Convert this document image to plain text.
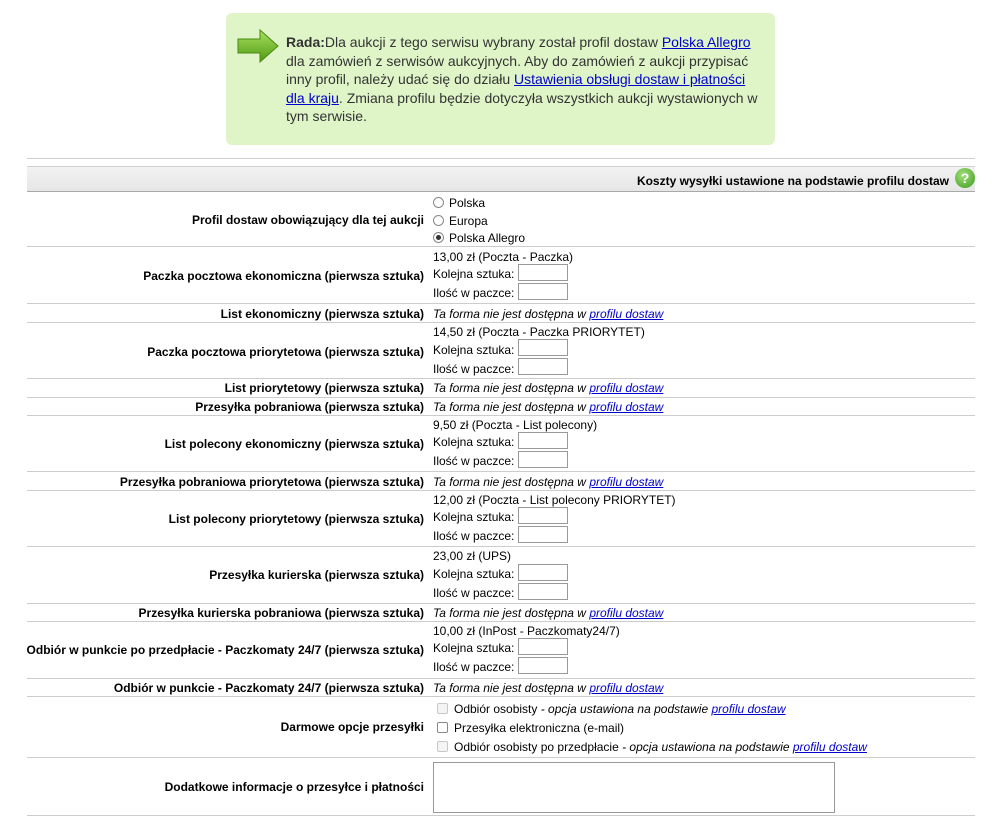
Rada:Dla aukcji z tego serwisu wybrany został profil dostaw Polska Allegro dla zamówień z serwisów aukcyjnych. Aby do zamówień z aukcji przypisać inny profil, należy udać się do działu Ustawienia obsługi dostaw i płatności dla kraju. Zmiana profilu będzie dotyczyła wszystkich aukcji wystawionych w tym serwisie.
Koszty wysyłki ustawione na podstawie profilu dostaw ?
Profil dostaw obowiązujący dla tej aukcji
Polska
Europa
Polska Allegro
Paczka pocztowa ekonomiczna (pierwsza sztuka)
13,00 zł (Poczta - Paczka)
Kolejna sztuka:
Ilość w paczce:
List ekonomiczny (pierwsza sztuka) Ta forma nie jest dostępna w profilu dostaw
Paczka pocztowa priorytetowa (pierwsza sztuka)
14,50 zł (Poczta - Paczka PRIORYTET)
Kolejna sztuka:
Ilość w paczce:
List priorytetowy (pierwsza sztuka) Ta forma nie jest dostępna w profilu dostaw
Przesyłka pobraniowa (pierwsza sztuka) Ta forma nie jest dostępna w profilu dostaw
List polecony ekonomiczny (pierwsza sztuka)
9,50 zł (Poczta - List polecony)
Kolejna sztuka:
Ilość w paczce:
Przesyłka pobraniowa priorytetowa (pierwsza sztuka) Ta forma nie jest dostępna w profilu dostaw
List polecony priorytetowy (pierwsza sztuka)
12,00 zł (Poczta - List polecony PRIORYTET)
Kolejna sztuka:
Ilość w paczce:
Przesyłka kurierska (pierwsza sztuka)
23,00 zł (UPS)
Kolejna sztuka:
Ilość w paczce:
Przesyłka kurierska pobraniowa (pierwsza sztuka) Ta forma nie jest dostępna w profilu dostaw
Odbiór w punkcie po przedpłacie - Paczkomaty 24/7 (pierwsza sztuka)
10,00 zł (InPost - Paczkomaty24/7)
Kolejna sztuka:
Ilość w paczce:
Odbiór w punkcie - Paczkomaty 24/7 (pierwsza sztuka) Ta forma nie jest dostępna w profilu dostaw
Darmowe opcje przesyłki
Odbiór osobisty - opcja ustawiona na podstawie profilu dostaw
Przesyłka elektroniczna (e-mail)
Odbiór osobisty po przedpłacie - opcja ustawiona na podstawie profilu dostaw
Dodatkowe informacje o przesyłce i płatności
